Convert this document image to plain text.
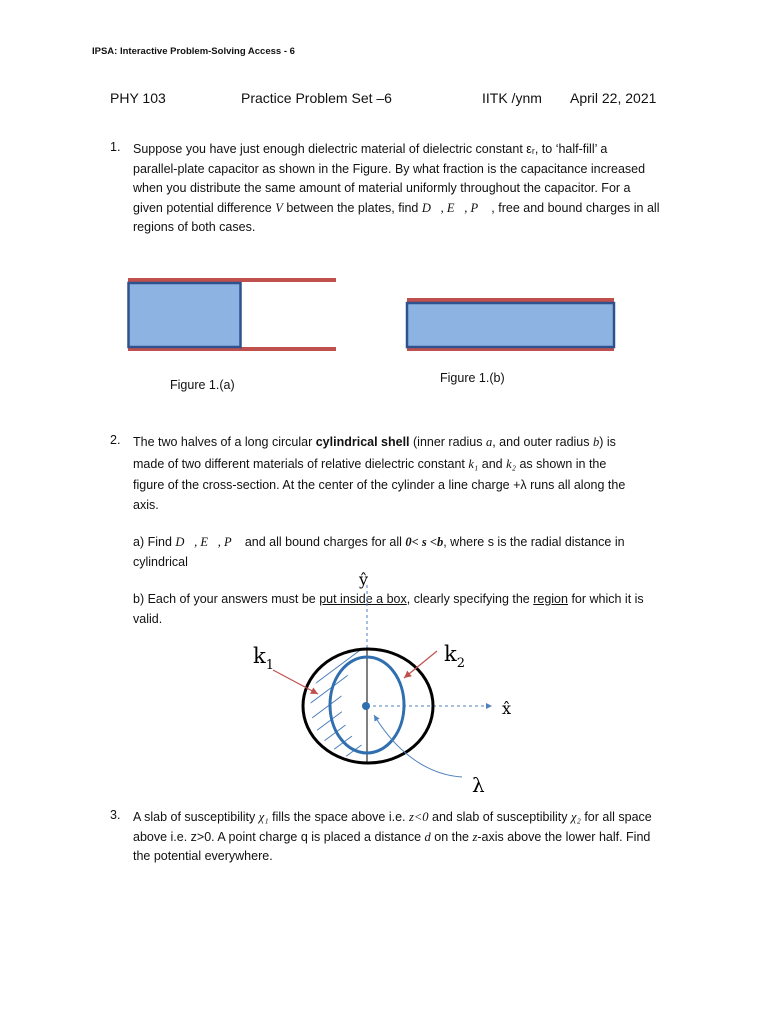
IPSA: Interactive Problem-Solving Access - 6
PHY 103	Practice Problem Set –6	IITK /ynm April 22, 2021
1. Suppose you have just enough dielectric material of dielectric constant εᵣ, to ‘half-fill’ a
parallel-plate capacitor as shown in the Figure. By what fraction is the capacitance increased
when you distribute the same amount of material uniformly throughout the capacitor. For a
given potential difference V between the plates, find D⃗, E⃗, P⃗ , free and bound charges in all
regions of both cases.
Figure 1.(a)	Figure 1.(b)
2. The two halves of a long circular cylindrical shell (inner radius a, and outer radius b) is
made of two different materials of relative dielectric constant k₁ and k₂ as shown in the
figure of the cross-section. At the center of the cylinder a line charge +λ runs all along the
axis.
a) Find D⃗, E⃗, P⃗ and all bound charges for all 0< s <b, where s is the radial distance in
cylindrical
b) Each of your answers must be put inside a box, clearly specifying the region for which it is
valid.
ŷ
x̂
$k_1$	$k_2$
λ
3. A slab of susceptibility χ₁ fills the space above i.e. z<0 and slab of susceptibility χ₂ for all space
above i.e. z>0. A point charge q is placed a distance d on the z-axis above the lower half. Find
the potential everywhere.
